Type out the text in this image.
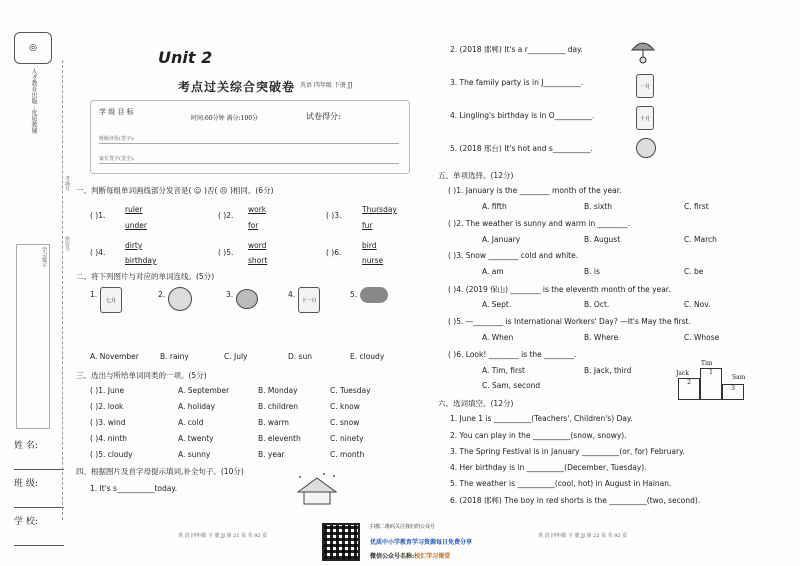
◎
人才教育出版 · 优质教辅
学习提示
姓 名:
班 级:
学 校:
考场号
座位号
Unit 2
考点过关综合突破卷 英语 四年级 下册 JJ
学 级 目 标
时间:60分钟 满分:100分	试卷得分:
班级评价(签字):
家长签字(签字):
一、判断每组单词画线部分发音是( ☺ )否( ☹ )相同。(6分)
( )1.
ruler
under
( )2.
work
for
( )3.
Thursday
fur
( )4.
dirty
birthday
( )5.
word
short
( )6.
bird
nurse
二、将下列图片与对应的单词连线。(5分)
1.
七月
2.	3.	4.
十一月
5.
A. November	B. rainy	C. July	D. sun	E. cloudy
三、选出与所给单词同类的一项。(5分)
( )1. June	A. September	B. Monday	C. Tuesday
( )2. look	A. holiday	B. children	C. know
( )3. wind	A. cold	B. warm	C. snow
( )4. ninth	A. twenty	B. eleventh	C. ninety
( )5. cloudy	A. sunny	B. year	C. month
四、根据图片及首字母提示填词,补全句子。(10分)
1. It's s__________today.
英 语 四年级 下 册 JJ 第 21 页 共 92 页
扫描二维码关注我们的公众号
优质中小学教育学习资源每日免费分享
微信公众号名称:校汇学习课堂
2. (2018 邯郸) It's a r__________ day.
3. The family party is in J__________.	一月
4. Lingling's birthday is in O__________.	十月
5. (2018 邢台) It's hot and s__________.
五、单项选择。(12分)
( )1. January is the ________ month of the year.
A. fifth	B. sixth	C. first
( )2. The weather is sunny and warm in ________.
A. January	B. August	C. March
( )3. Snow ________ cold and white.
A. am	B. is	C. be
( )4. (2019 保山) ________ is the eleventh month of the year.
A. Sept.	B. Oct.	C. Nov.
( )5. —________ is International Workers' Day? —It's May the first.
A. When	B. Where	C. Whose
( )6. Look! ________ is the ________.
A. Tim, first	B. Jack, third
C. Sam, second
Tim
Jack
Sam
1
2
3
六、选词填空。(12分)
1. June 1 is __________(Teachers', Children's) Day.
2. You can play in the __________(snow, snowy).
3. The Spring Festival is in January __________(or, for) February.
4. Her birthday is in __________(December, Tuesday).
5. The weather is __________(cool, hot) in August in Hainan.
6. (2018 邯郸) The boy in red shorts is the __________(two, second).
英 语 四年级 下 册 JJ 第 22 页 共 92 页
